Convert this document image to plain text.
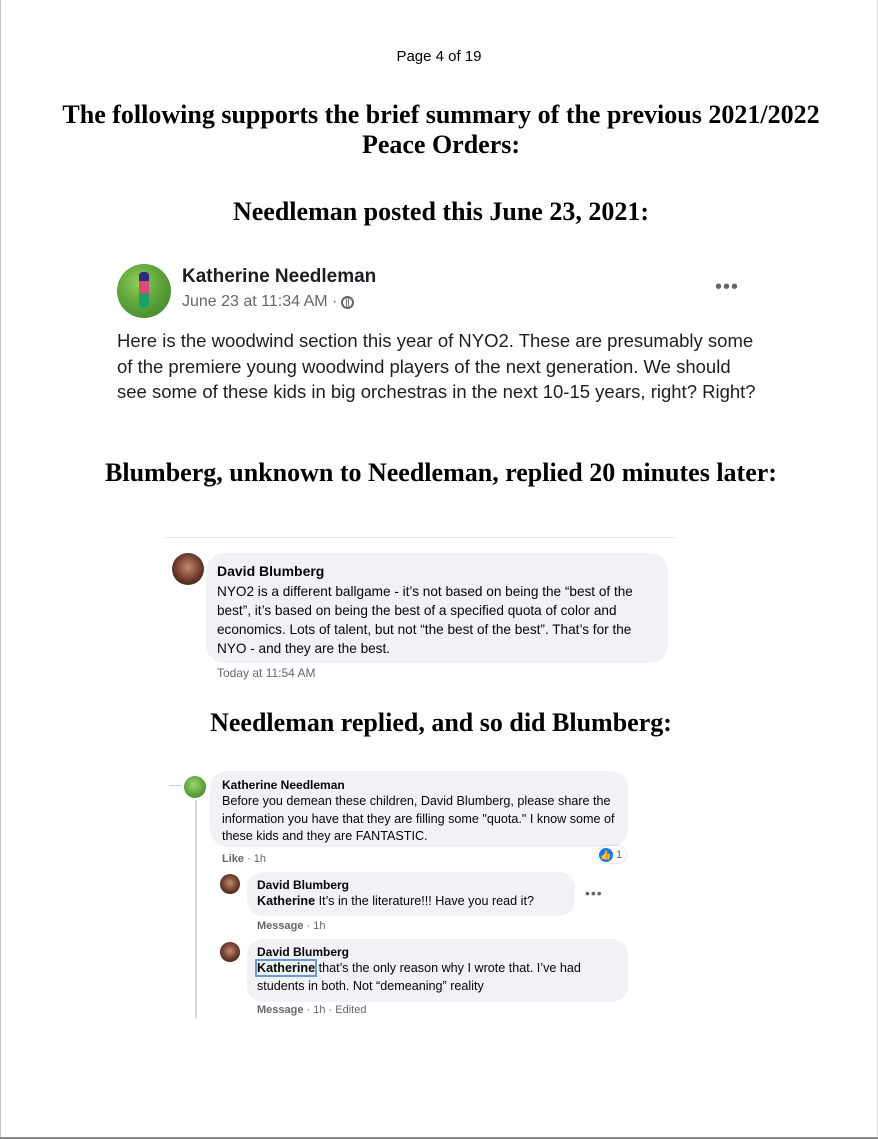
Page 4 of 19
The following supports the brief summary of the previous 2021/2022 Peace Orders:
Needleman posted this June 23, 2021:
Katherine Needleman
June 23 at 11:34 AM ·
•••
Here is the woodwind section this year of NYO2. These are presumably some of the premiere young woodwind players of the next generation. We should see some of these kids in big orchestras in the next 10-15 years, right? Right?
Blumberg, unknown to Needleman, replied 20 minutes later:
David Blumberg
NYO2 is a different ballgame - it’s not based on being the “best of the best”, it’s based on being the best of a specified quota of color and economics. Lots of talent, but not “the best of the best”. That’s for the NYO - and they are the best.
Today at 11:54 AM
Needleman replied, and so did Blumberg:
Katherine Needleman
Before you demean these children, David Blumberg, please share the information you have that they are filling some "quota." I know some of these kids and they are FANTASTIC.
Like · 1h	👍 1
David Blumberg
Katherine It’s in the literature!!! Have you read it?	•••
Message · 1h
David Blumberg
Katherine that’s the only reason why I wrote that. I’ve had students in both. Not “demeaning” reality
Message · 1h · Edited
